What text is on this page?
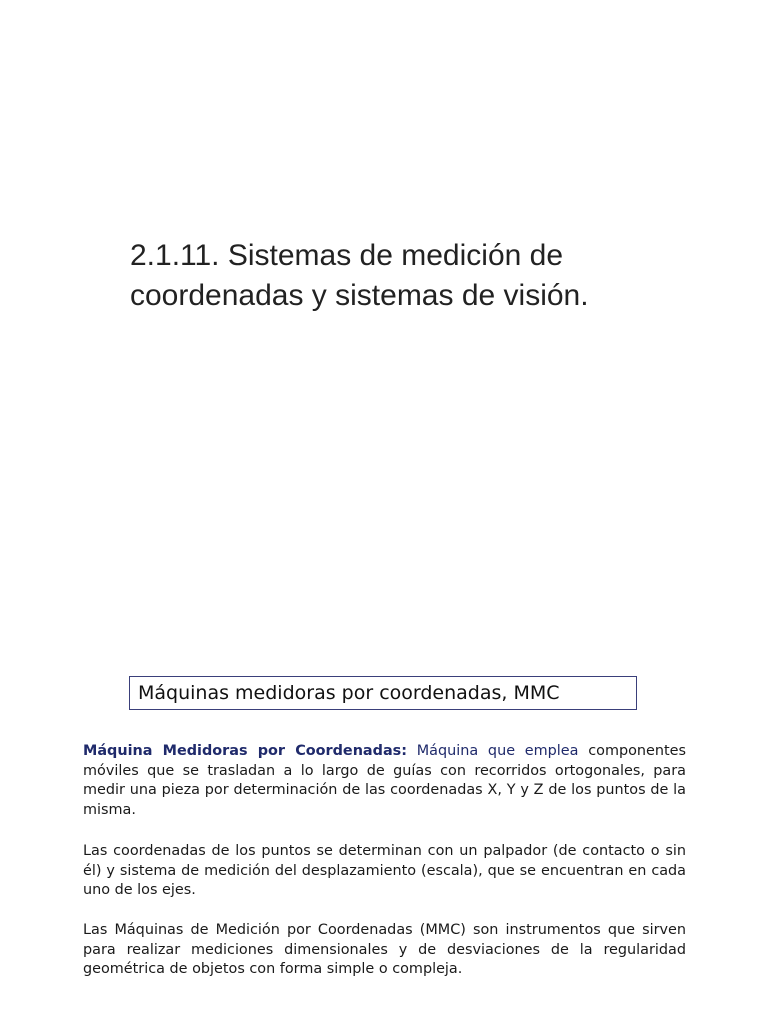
2.1.11. Sistemas de medición de coordenadas y sistemas de visión.
Máquinas medidoras por coordenadas, MMC

Máquina Medidoras por Coordenadas: Máquina que emplea componentes móviles que se trasladan a lo largo de guías con recorridos ortogonales, para medir una pieza por determinación de las coordenadas X, Y y Z de los puntos de la misma.

Las coordenadas de los puntos se determinan con un palpador (de contacto o sin él) y sistema de medición del desplazamiento (escala), que se encuentran en cada uno de los ejes.

Las Máquinas de Medición por Coordenadas (MMC) son instrumentos que sirven para realizar mediciones dimensionales y de desviaciones de la regularidad geométrica de objetos con forma simple o compleja.
